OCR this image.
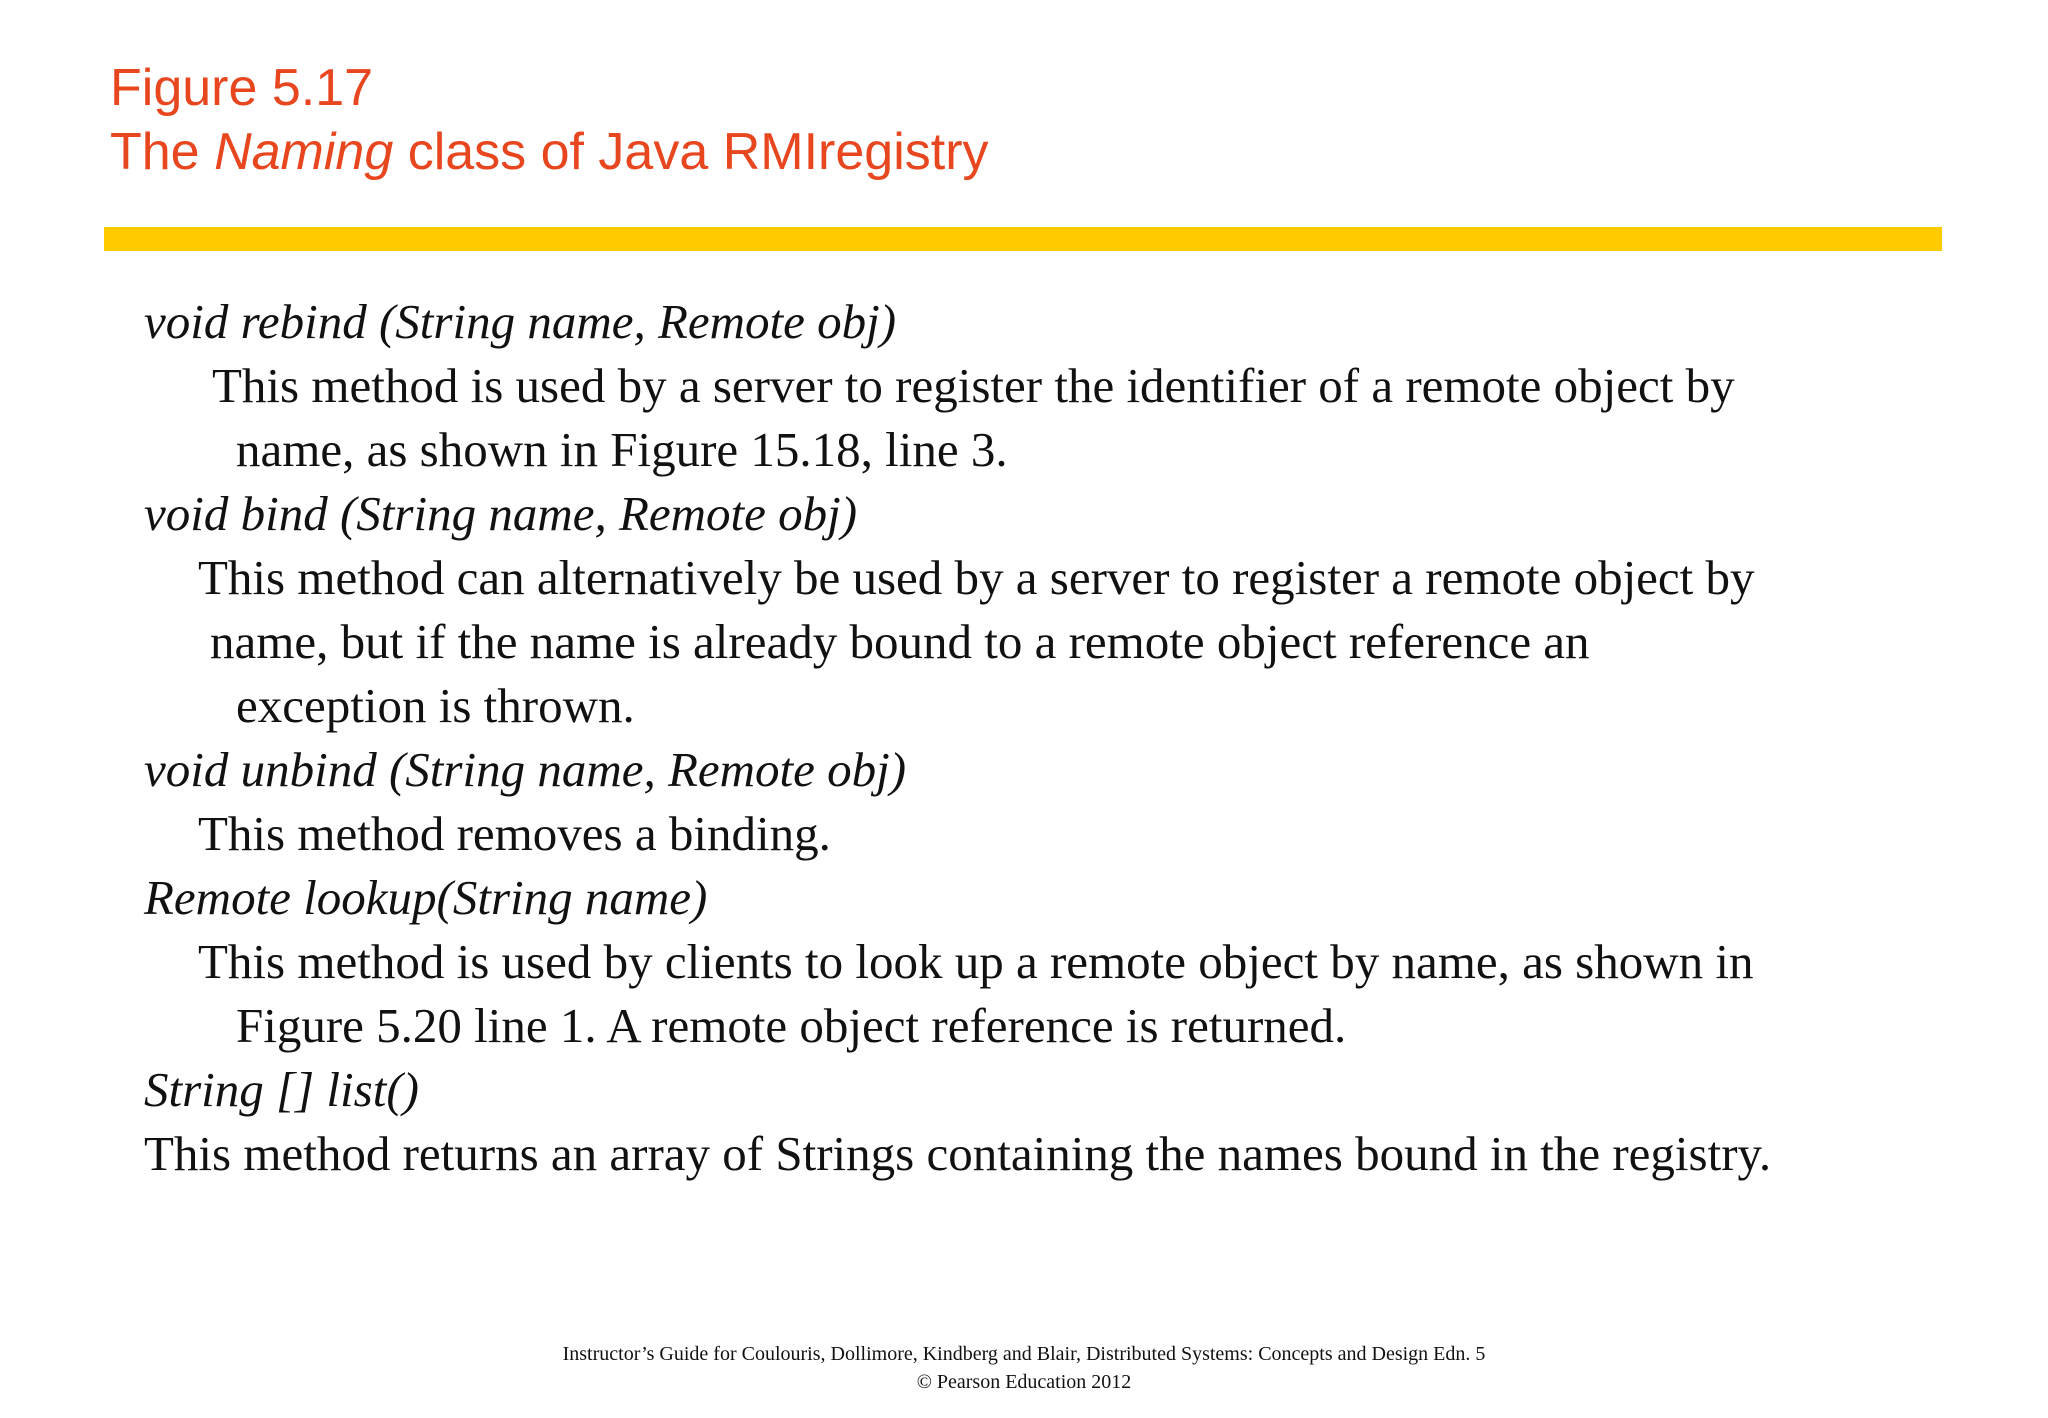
Figure 5.17
The Naming class of Java RMIregistry
void rebind (String name, Remote obj)
This method is used by a server to register the identifier of a remote object by
name, as shown in Figure 15.18, line 3.
void bind (String name, Remote obj)
This method can alternatively be used by a server to register a remote object by
name, but if the name is already bound to a remote object reference an
exception is thrown.
void unbind (String name, Remote obj)
This method removes a binding.
Remote lookup(String name)
This method is used by clients to look up a remote object by name, as shown in
Figure 5.20 line 1. A remote object reference is returned.
String [] list()
This method returns an array of Strings containing the names bound in the registry.
Instructor’s Guide for Coulouris, Dollimore, Kindberg and Blair, Distributed Systems: Concepts and Design Edn. 5
© Pearson Education 2012
